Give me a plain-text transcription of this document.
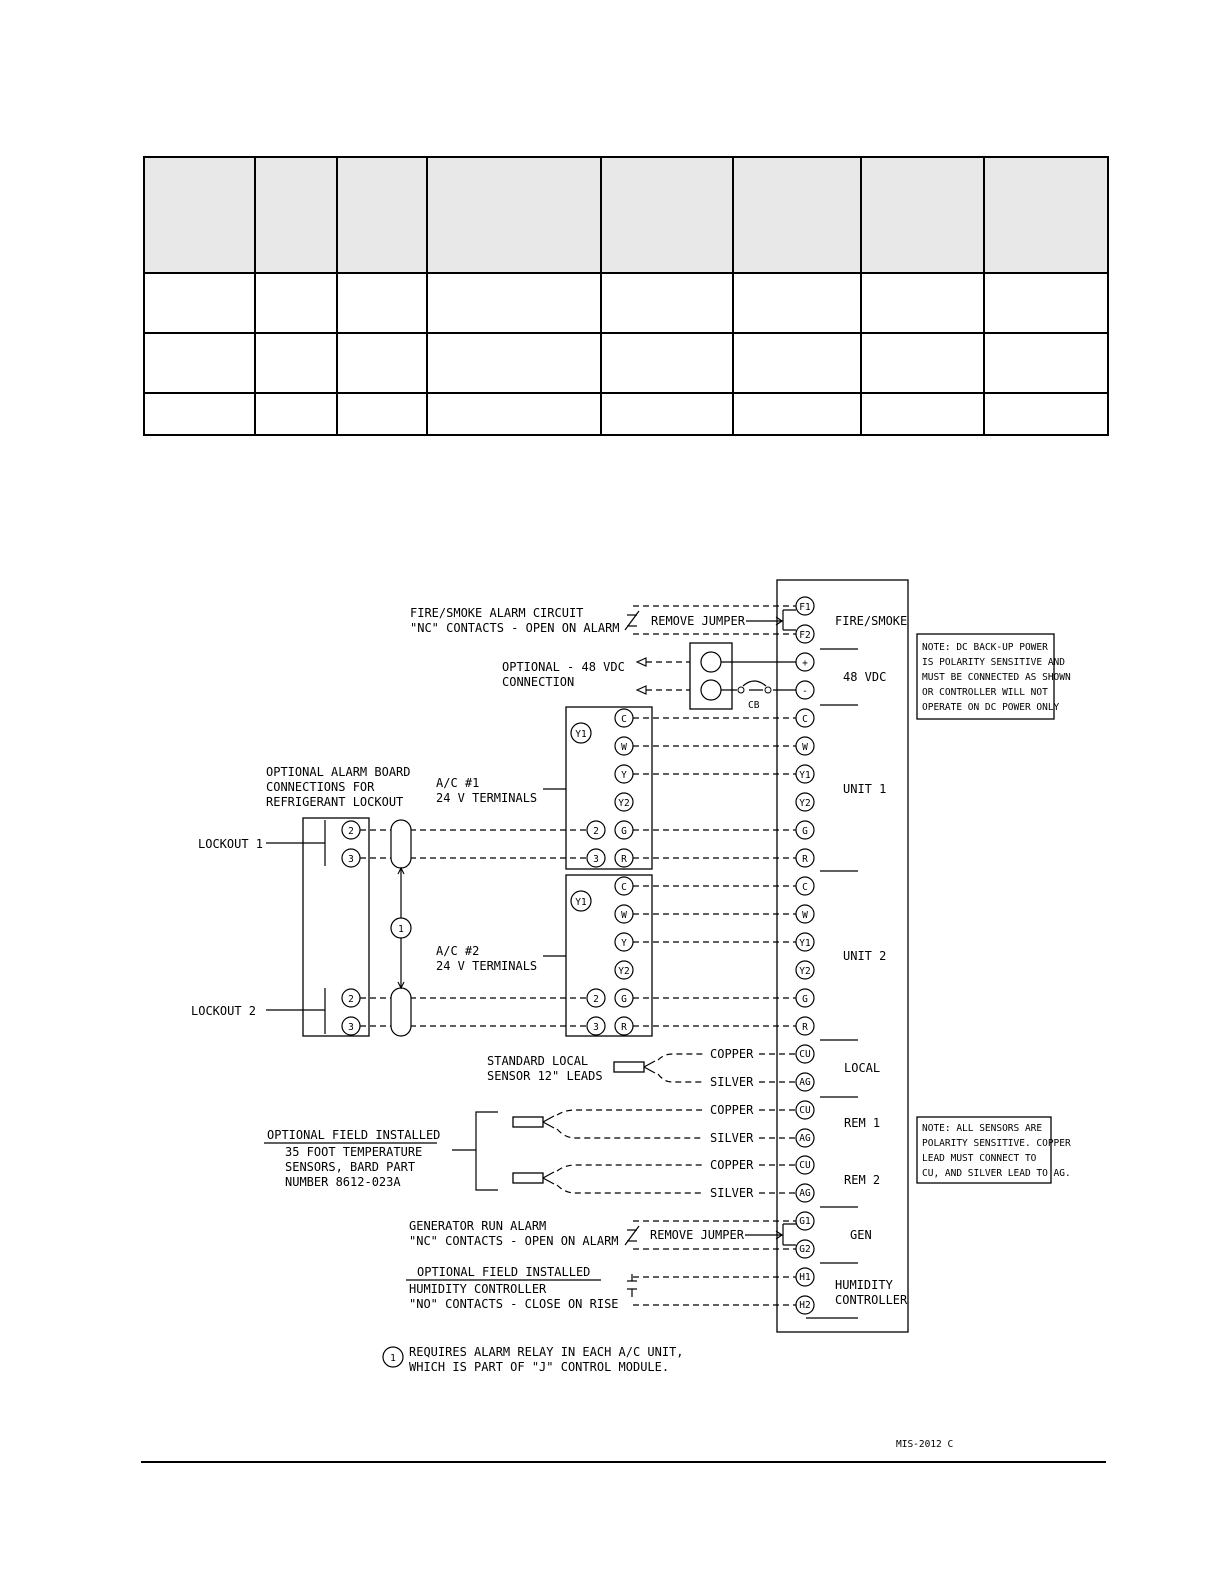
FIRE/SMOKE
48 VDC
UNIT 1
UNIT 2
LOCAL
REM 1
REM 2
GEN
HUMIDITY
CONTROLLER
F1
F2
+
-
C
W
Y1
Y2
G
R
C
W
Y1
Y2
G
R
CU
AG
CU
AG
CU
AG
G1
G2
H1
H2
FIRE/SMOKE ALARM CIRCUIT
"NC" CONTACTS - OPEN ON ALARM	REMOVE JUMPER
OPTIONAL - 48 VDC
CONNECTION
CB
NOTE: DC BACK-UP POWER
IS POLARITY SENSITIVE AND
MUST BE CONNECTED AS SHOWN
OR CONTROLLER WILL NOT
OPERATE ON DC POWER ONLY
Y1
C
W
Y
Y2
G
R
2
3
A/C #1
24 V TERMINALS
Y1
C
W
Y
Y2
G
R
2
3
A/C #2
24 V TERMINALS
OPTIONAL ALARM BOARD
CONNECTIONS FOR
REFRIGERANT LOCKOUT
LOCKOUT 1
LOCKOUT 2
2
3
2
3
1
STANDARD LOCAL
SENSOR 12" LEADS
COPPER
SILVER
COPPER
SILVER
COPPER
SILVER
OPTIONAL FIELD INSTALLED
35 FOOT TEMPERATURE
SENSORS, BARD PART
NUMBER 8612-023A
NOTE: ALL SENSORS ARE
POLARITY SENSITIVE. COPPER
LEAD MUST CONNECT TO
CU, AND SILVER LEAD TO AG.
GENERATOR RUN ALARM
"NC" CONTACTS - OPEN ON ALARM	REMOVE JUMPER
OPTIONAL FIELD INSTALLED
HUMIDITY CONTROLLER
"NO" CONTACTS - CLOSE ON RISE
1 REQUIRES ALARM RELAY IN EACH A/C UNIT,
WHICH IS PART OF "J" CONTROL MODULE.
MIS-2012 C
